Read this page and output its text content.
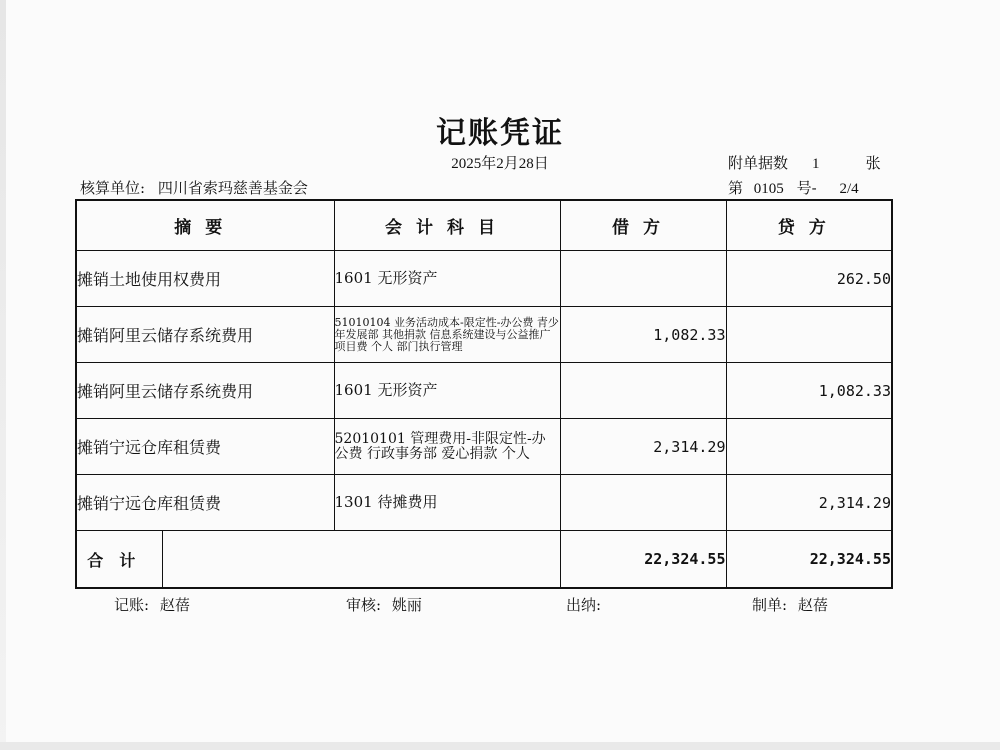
记账凭证
2025年2月28日	附单据数 1	张
核算单位: 四川省索玛慈善基金会	第 0105 号- 2/4
摘要		会计科目	借方	贷方
摊销土地使用权费用		1601 无形资产		262.50
摊销阿里云储存系统费用		51010104 业务活动成本-限定性-办公费 青少年发展部 其他捐款 信息系统建设与公益推广 项目费 个人 部门执行管理	1,082.33	
摊销阿里云储存系统费用		1601 无形资产		1,082.33
摊销宁远仓库租赁费		52010101 管理费用-非限定性-办公费 行政事务部 爱心捐款 个人	2,314.29	
摊销宁远仓库租赁费		1301 待摊费用		2,314.29
合计			22,324.55	22,324.55
记账: 赵蓓	审核: 姚丽	出纳:	制单: 赵蓓
